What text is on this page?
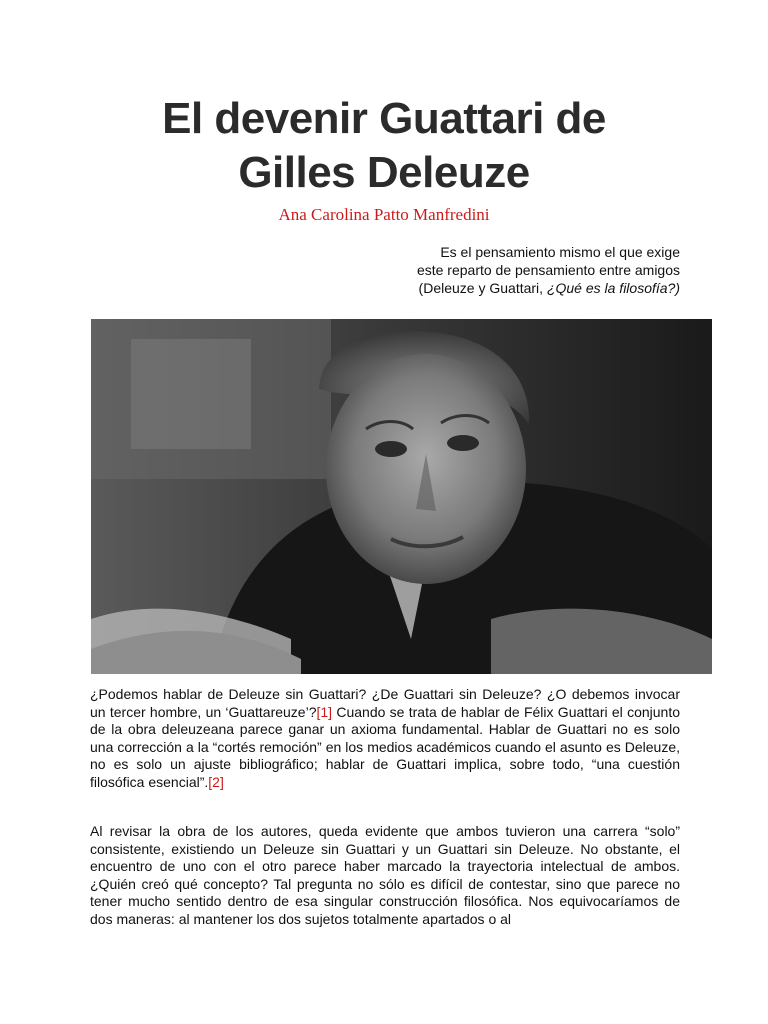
El devenir Guattari de
Gilles Deleuze
Ana Carolina Patto Manfredini
Es el pensamiento mismo el que exige
este reparto de pensamiento entre amigos
(Deleuze y Guattari, ¿Qué es la filosofía?)
¿Podemos hablar de Deleuze sin Guattari? ¿De Guattari sin Deleuze? ¿O debemos invocar un tercer hombre, un ‘Guattareuze’?[1] Cuando se trata de hablar de Félix Guattari el conjunto de la obra deleuzeana parece ganar un axioma fundamental. Hablar de Guattari no es solo una corrección a la “cortés remoción” en los medios académicos cuando el asunto es Deleuze, no es solo un ajuste bibliográfico; hablar de Guattari implica, sobre todo, “una cuestión filosófica esencial”.[2]
Al revisar la obra de los autores, queda evidente que ambos tuvieron una carrera “solo” consistente, existiendo un Deleuze sin Guattari y un Guattari sin Deleuze. No obstante, el encuentro de uno con el otro parece haber marcado la trayectoria intelectual de ambos. ¿Quién creó qué concepto? Tal pregunta no sólo es difícil de contestar, sino que parece no tener mucho sentido dentro de esa singular construcción filosófica. Nos equivocaríamos de dos maneras: al mantener los dos sujetos totalmente apartados o al
